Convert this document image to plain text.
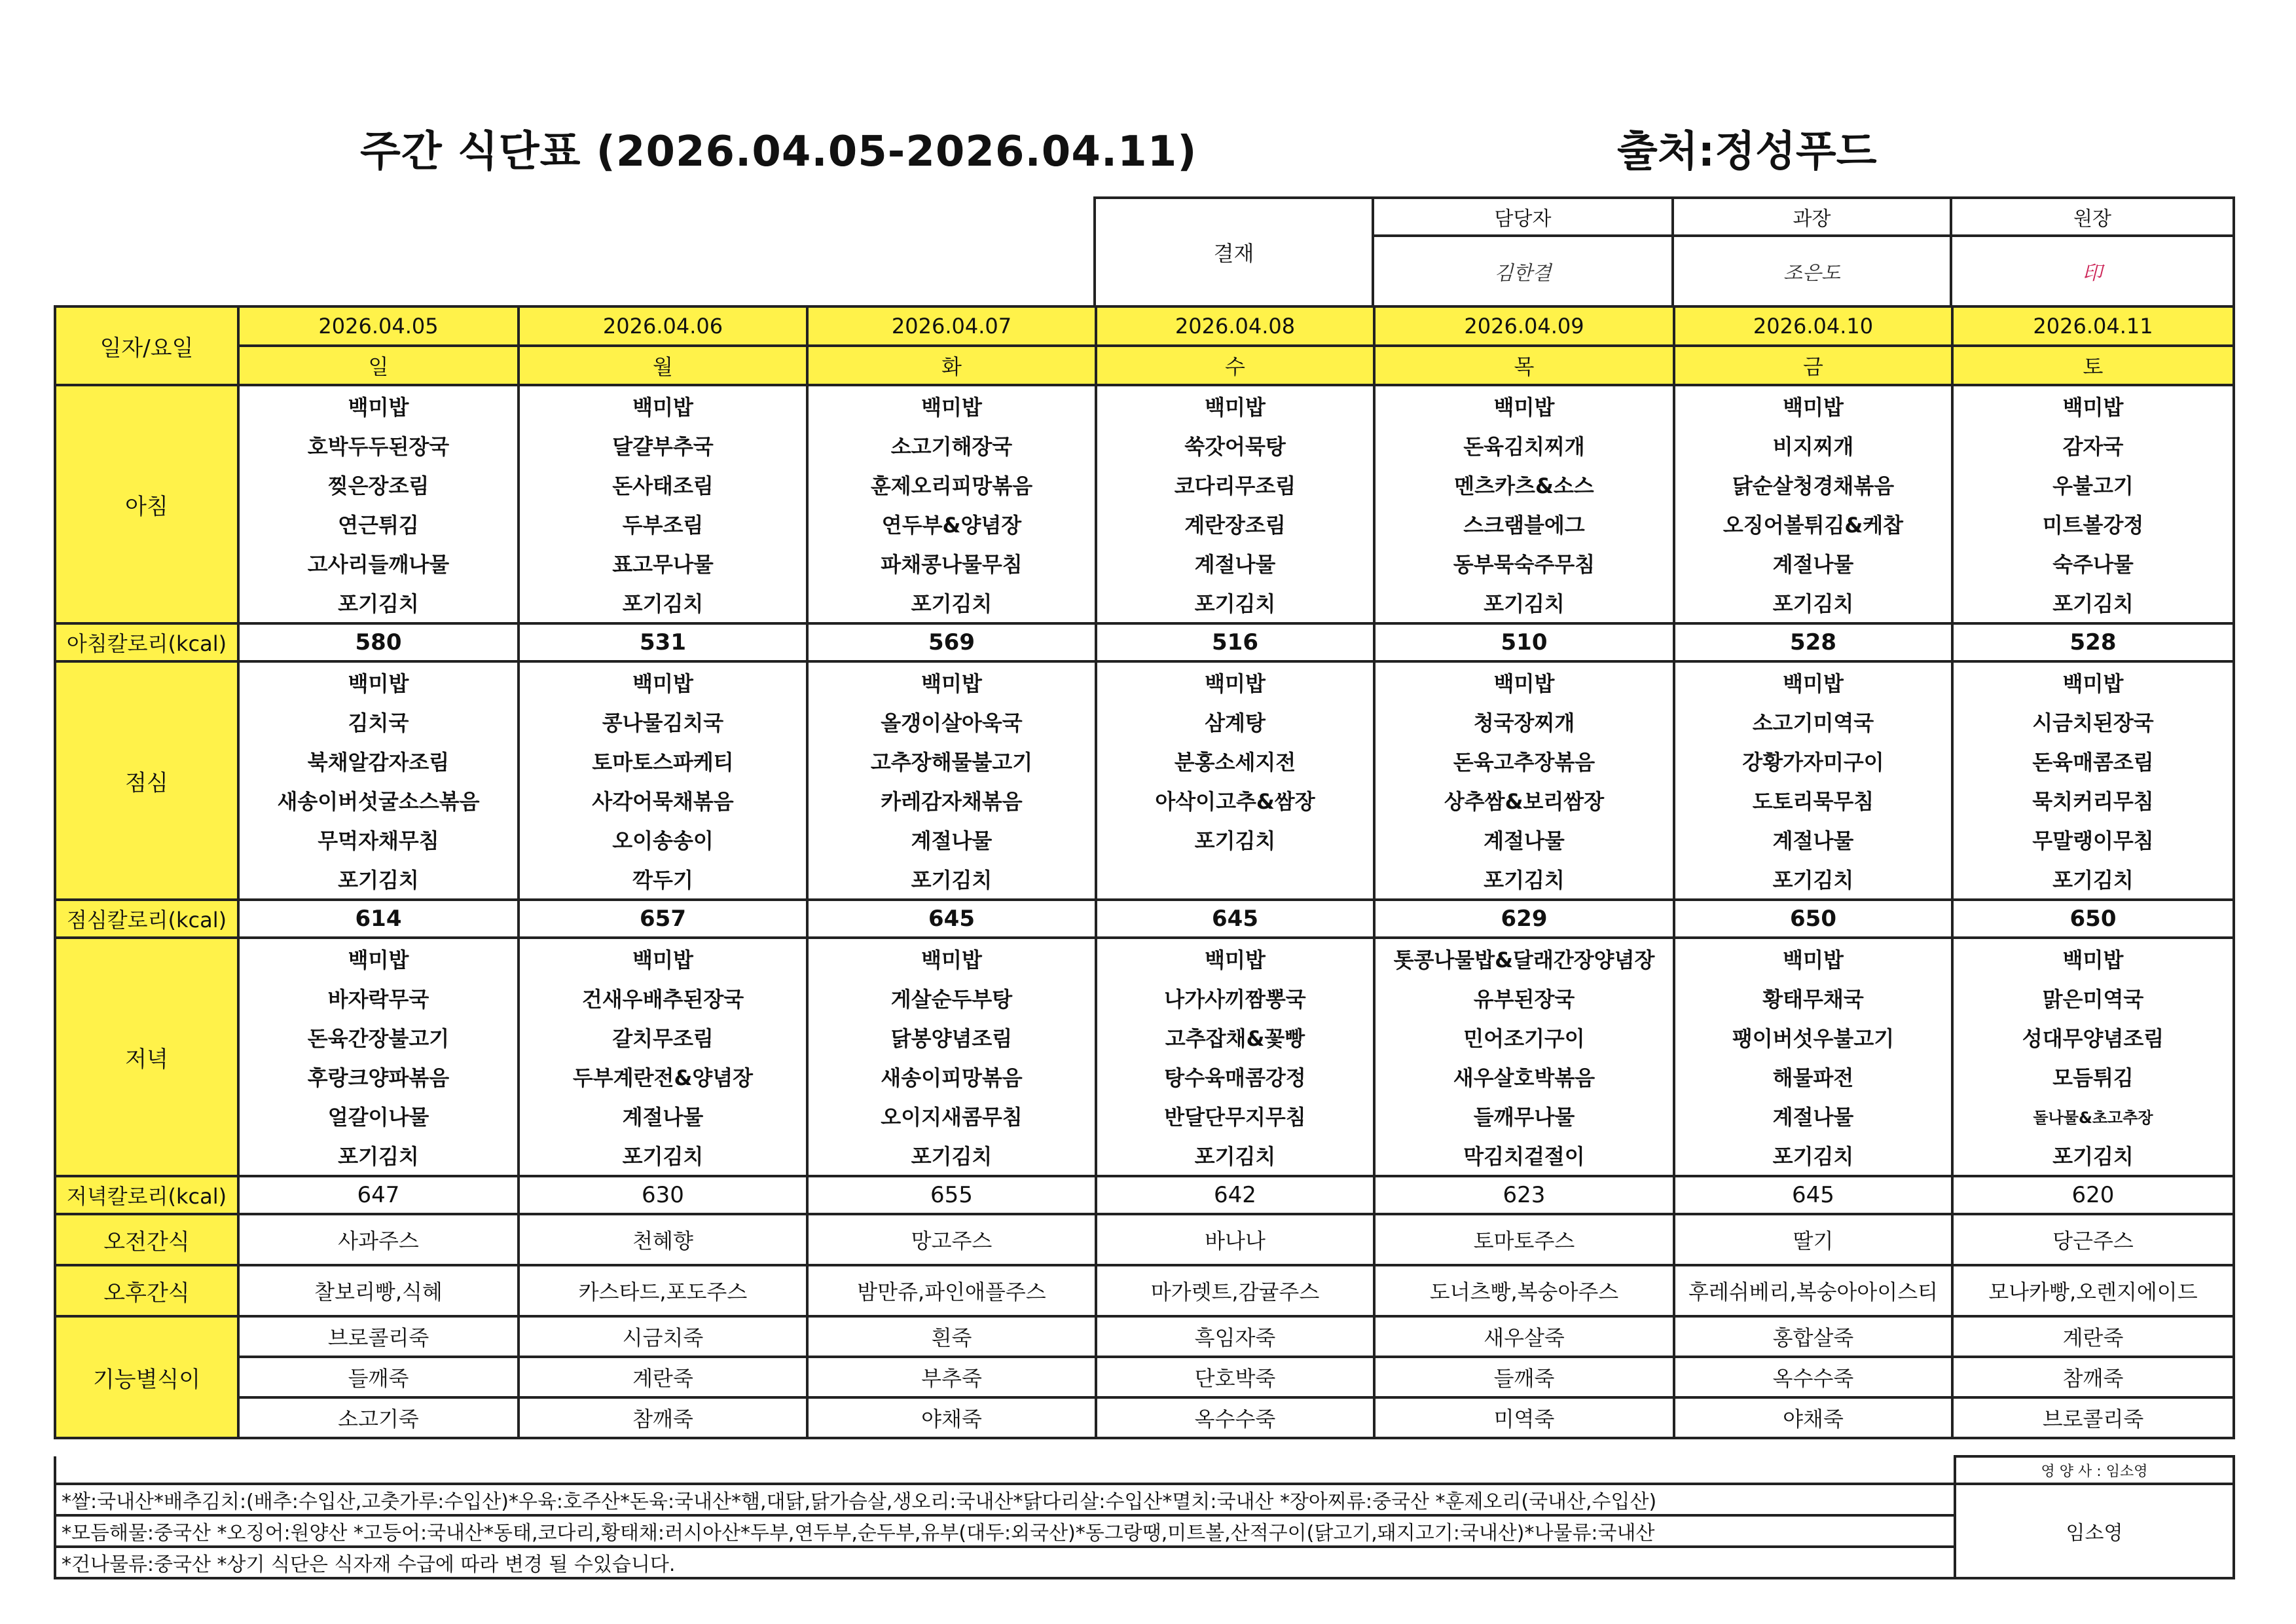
주간 식단표 (2026.04.05-2026.04.11)	출처:정성푸드
결재	담당자	과장	원장
	김한결	조은도	印
일자/요일	2026.04.05	2026.04.06	2026.04.07	2026.04.08	2026.04.09	2026.04.10	2026.04.11
	일	월	화	수	목	금	토
아침	백미밥	백미밥	백미밥	백미밥	백미밥	백미밥	백미밥
	호박두두된장국	달걀부추국	소고기해장국	쑥갓어묵탕	돈육김치찌개	비지찌개	감자국
	찢은장조림	돈사태조림	훈제오리피망볶음	코다리무조림	멘츠카츠&소스	닭순살청경채볶음	우불고기
	연근튀김	두부조림	연두부&양념장	계란장조림	스크램블에그	오징어볼튀김&케찹	미트볼강정
	고사리들깨나물	표고무나물	파채콩나물무침	계절나물	동부묵숙주무침	계절나물	숙주나물
	포기김치	포기김치	포기김치	포기김치	포기김치	포기김치	포기김치
아침칼로리(kcal)	580	531	569	516	510	528	528
점심	백미밥	백미밥	백미밥	백미밥	백미밥	백미밥	백미밥
	김치국	콩나물김치국	올갱이살아욱국	삼계탕	청국장찌개	소고기미역국	시금치된장국
	북채알감자조림	토마토스파케티	고추장해물불고기	분홍소세지전	돈육고추장볶음	강황가자미구이	돈육매콤조림
	새송이버섯굴소스볶음	사각어묵채볶음	카레감자채볶음	아삭이고추&쌈장	상추쌈&보리쌈장	도토리묵무침	묵치커리무침
	무먹자채무침	오이송송이	계절나물	포기김치	계절나물	계절나물	무말랭이무침
	포기김치	깍두기	포기김치		포기김치	포기김치	포기김치
점심칼로리(kcal)	614	657	645	645	629	650	650
저녁	백미밥	백미밥	백미밥	백미밥	톳콩나물밥&달래간장양념장	백미밥	백미밥
	바자락무국	건새우배추된장국	게살순두부탕	나가사끼짬뽕국	유부된장국	황태무채국	맑은미역국
	돈육간장불고기	갈치무조림	닭봉양념조림	고추잡채&꽃빵	민어조기구이	팽이버섯우불고기	성대무양념조림
	후랑크양파볶음	두부계란전&양념장	새송이피망볶음	탕수육매콤강정	새우살호박볶음	해물파전	모듬튀김
	얼갈이나물	계절나물	오이지새콤무침	반달단무지무침	들깨무나물	계절나물	돌나물&초고추장
	포기김치	포기김치	포기김치	포기김치	막김치겉절이	포기김치	포기김치
저녁칼로리(kcal)	647	630	655	642	623	645	620
오전간식	사과주스	천혜향	망고주스	바나나	토마토주스	딸기	당근주스
오후간식	찰보리빵,식혜	카스타드,포도주스	밤만쥬,파인애플주스	마가렛트,감귤주스	도너츠빵,복숭아주스	후레쉬베리,복숭아아이스티	모나카빵,오렌지에이드
기능별식이	브로콜리죽	시금치죽	흰죽	흑임자죽	새우살죽	홍합살죽	계란죽
	들깨죽	계란죽	부추죽	단호박죽	들깨죽	옥수수죽	참깨죽
	소고기죽	참깨죽	야채죽	옥수수죽	미역죽	야채죽	브로콜리죽
	영 양 사 : 임소영
*쌀:국내산*배추김치:(배추:수입산,고춧가루:수입산)*우육:호주산*돈육:국내산*햄,대닭,닭가슴살,생오리:국내산*닭다리살:수입산*멸치:국내산 *장아찌류:중국산 *훈제오리(국내산,수입산)	임소영
*모듬해물:중국산 *오징어:원양산 *고등어:국내산*동태,코다리,황태채:러시아산*두부,연두부,순두부,유부(대두:외국산)*동그랑땡,미트볼,산적구이(닭고기,돼지고기:국내산)*나물류:국내산	
*건나물류:중국산 *상기 식단은 식자재 수급에 따라 변경 될 수있습니다.	
